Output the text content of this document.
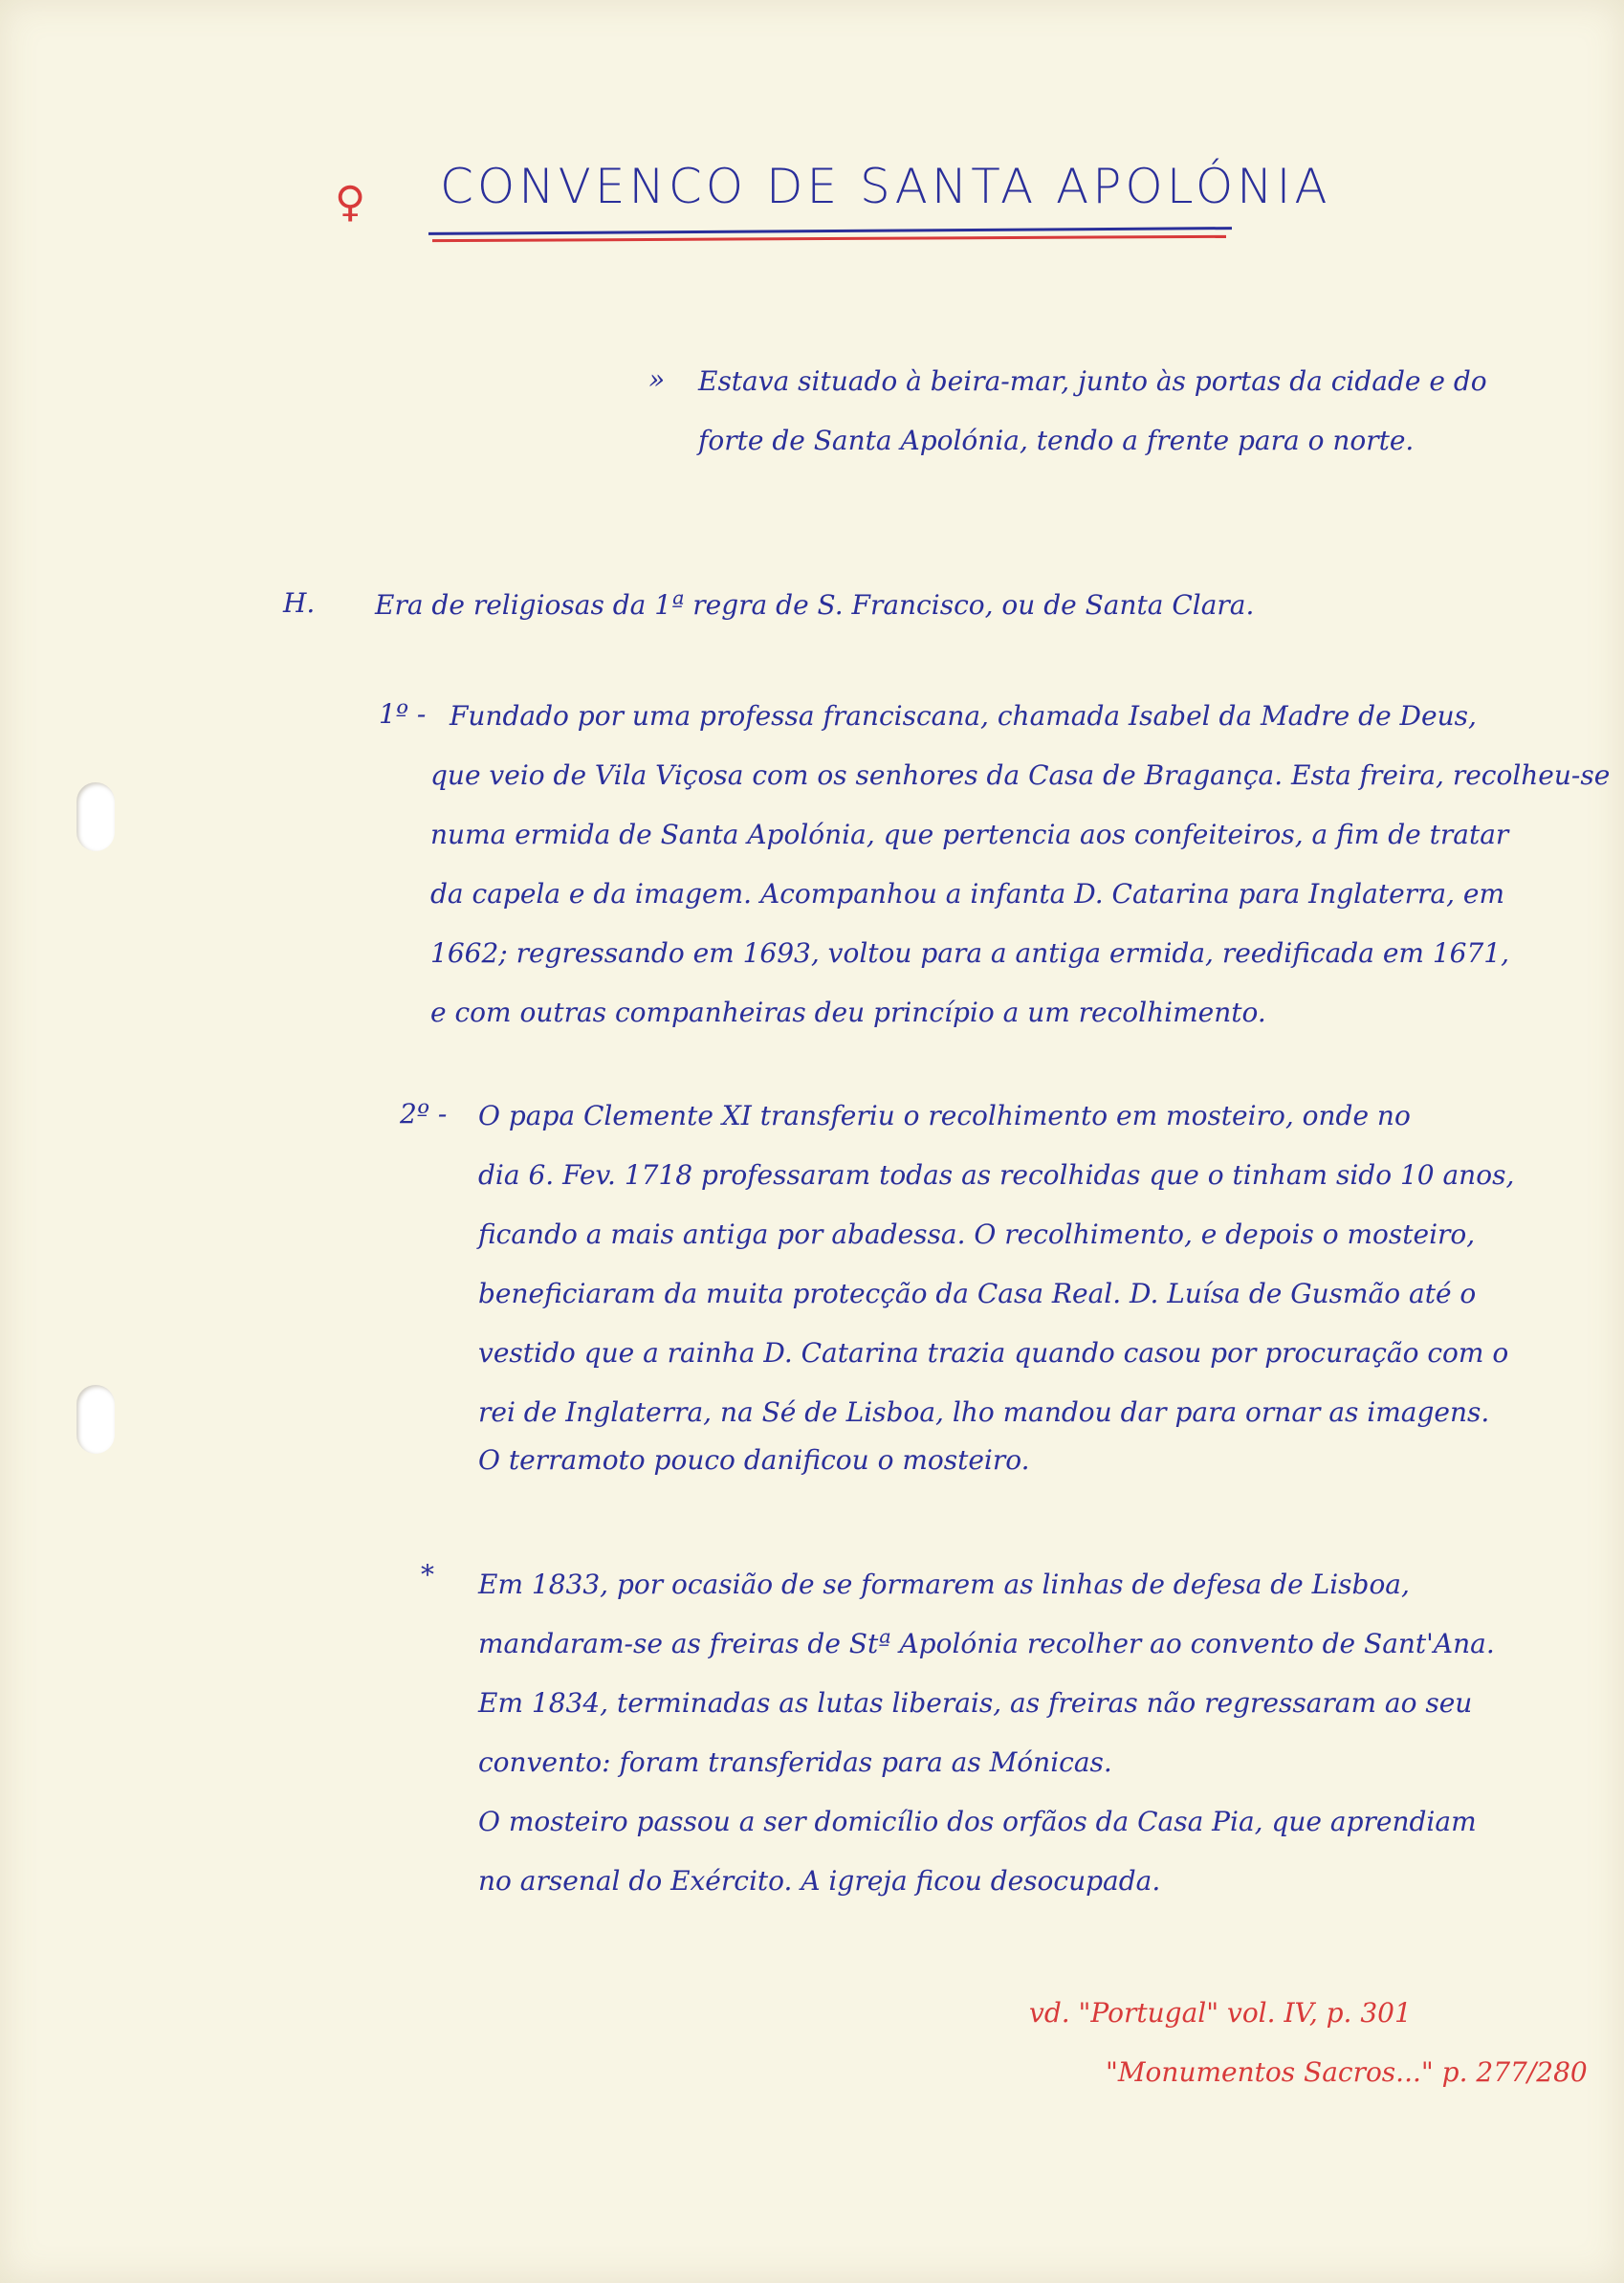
♀ CONVENCO DE SANTA APOLÓNIA
» Estava situado à beira-mar, junto às portas da cidade e do
forte de Santa Apolónia, tendo a frente para o norte.
H. Era de religiosas da 1ª regra de S. Francisco, ou de Santa Clara.
1º - Fundado por uma professa franciscana, chamada Isabel da Madre de Deus,
que veio de Vila Viçosa com os senhores da Casa de Bragança. Esta freira, recolheu-se
numa ermida de Santa Apolónia, que pertencia aos confeiteiros, a fim de tratar
da capela e da imagem. Acompanhou a infanta D. Catarina para Inglaterra, em
1662; regressando em 1693, voltou para a antiga ermida, reedificada em 1671,
e com outras companheiras deu princípio a um recolhimento.
2º - O papa Clemente XI transferiu o recolhimento em mosteiro, onde no
dia 6. Fev. 1718 professaram todas as recolhidas que o tinham sido 10 anos,
ficando a mais antiga por abadessa. O recolhimento, e depois o mosteiro,
beneficiaram da muita protecção da Casa Real. D. Luísa de Gusmão até o
vestido que a rainha D. Catarina trazia quando casou por procuração com o
rei de Inglaterra, na Sé de Lisboa, lho mandou dar para ornar as imagens.
O terramoto pouco danificou o mosteiro.
* Em 1833, por ocasião de se formarem as linhas de defesa de Lisboa,
mandaram-se as freiras de Stª Apolónia recolher ao convento de Sant'Ana.
Em 1834, terminadas as lutas liberais, as freiras não regressaram ao seu
convento: foram transferidas para as Mónicas.
O mosteiro passou a ser domicílio dos orfãos da Casa Pia, que aprendiam
no arsenal do Exército. A igreja ficou desocupada.
vd. "Portugal" vol. IV, p. 301
"Monumentos Sacros..." p. 277/280
